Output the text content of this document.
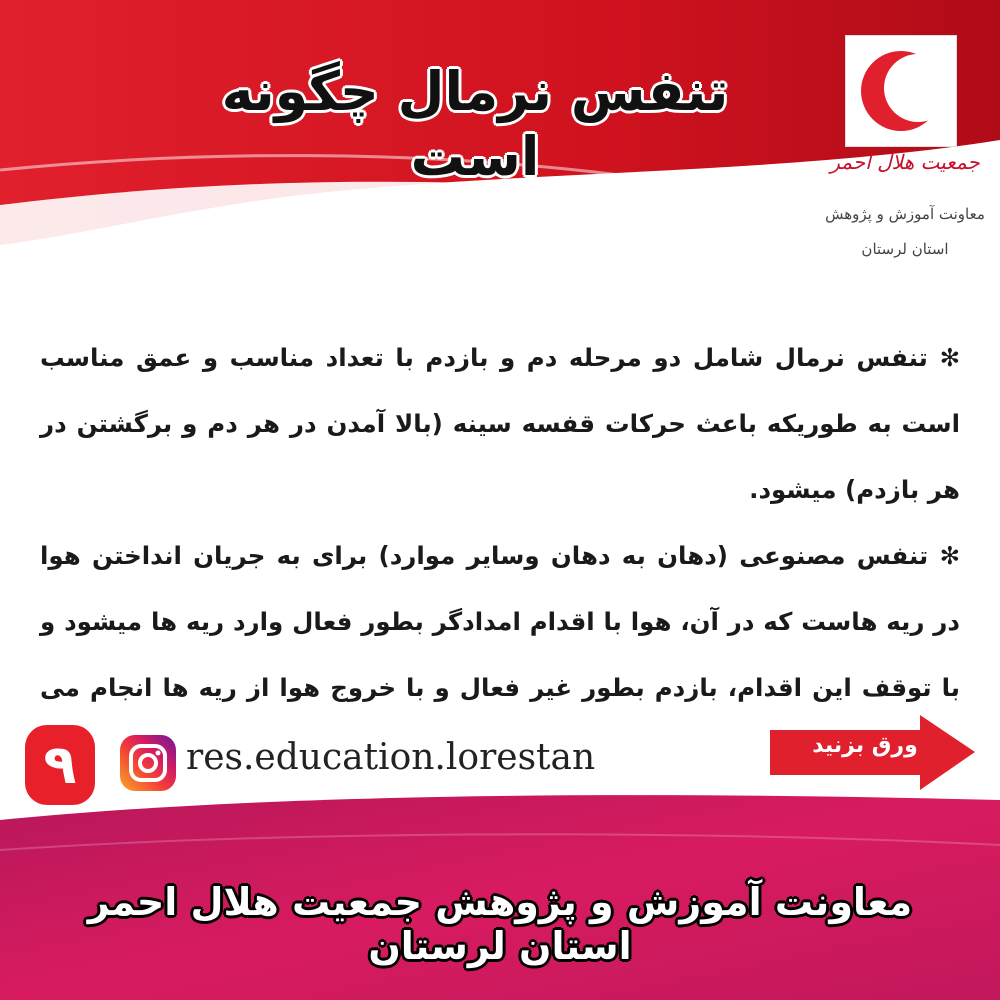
تنفس نرمال چگونه است	جمعیت هلال احمر
معاونت آموزش و پژوهش
استان لرستان

✻ تنفس نرمال شامل دو مرحله دم و بازدم با تعداد مناسب و عمق مناسب است به طوریکه باعث حرکات قفسه سینه (بالا آمدن در هر دم و برگشتن در هر بازدم) میشود.

✻ تنفس مصنوعی (دهان به دهان وسایر موارد) برای به جریان انداختن هوا در ریه هاست که در آن، هوا با اقدام امدادگر بطور فعال وارد ریه ها میشود و با توقف این اقدام، بازدم بطور غیر فعال و با خروج هوا از ریه ها انجام می

۹	res.education.lorestan	ورق بزنید
معاونت آموزش و پژوهش جمعیت هلال احمر استان لرستان
